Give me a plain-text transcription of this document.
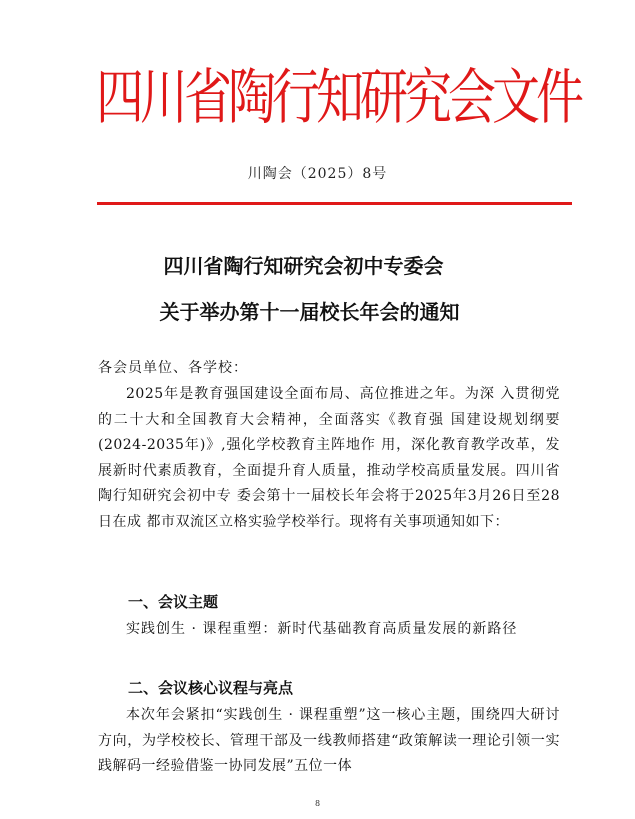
四川省陶行知研究会文件
川陶会（2025）8号
四川省陶行知研究会初中专委会
关于举办第十一届校长年会的通知
各会员单位、各学校：
2025年是教育强国建设全面布局、高位推进之年。为深 入贯彻党的二十大和全国教育大会精神，全面落实《教育强 国建设规划纲要(2024-2035年)》,强化学校教育主阵地作 用，深化教育教学改革，发展新时代素质教育，全面提升育人质量，推动学校高质量发展。四川省陶行知研究会初中专 委会第十一届校长年会将于2025年3月26日至28日在成 都市双流区立格实验学校举行。现将有关事项通知如下：
一、会议主题
实践创生 · 课程重塑：新时代基础教育高质量发展的新路径
二、会议核心议程与亮点
本次年会紧扣“实践创生 · 课程重塑”这一核心主题，围绕四大研讨方向，为学校校长、管理干部及一线教师搭建“政策解读一理论引领一实践解码一经验借鉴一协同发展”五位一体
8
